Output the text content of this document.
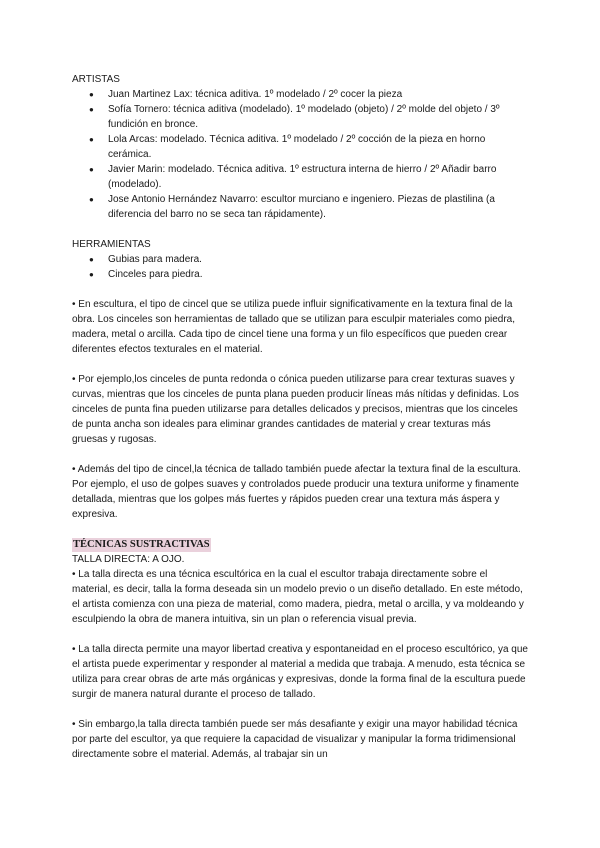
ARTISTAS

● Juan Martinez Lax: técnica aditiva. 1º modelado / 2º cocer la pieza
● Sofía Tornero: técnica aditiva (modelado). 1º modelado (objeto) / 2º molde del objeto / 3º fundición en bronce.
● Lola Arcas: modelado. Técnica aditiva. 1º modelado / 2º cocción de la pieza en horno cerámica.
● Javier Marin: modelado. Técnica aditiva. 1º estructura interna de hierro / 2º Añadir barro (modelado).
● Jose Antonio Hernández Navarro: escultor murciano e ingeniero. Piezas de plastilina (a diferencia del barro no se seca tan rápidamente).

HERRAMIENTAS

● Gubias para madera.
● Cinceles para piedra.

• En escultura, el tipo de cincel que se utiliza puede influir significativamente en la textura final de la obra. Los cinceles son herramientas de tallado que se utilizan para esculpir materiales como piedra, madera, metal o arcilla. Cada tipo de cincel tiene una forma y un filo específicos que pueden crear diferentes efectos texturales en el material.

• Por ejemplo,los cinceles de punta redonda o cónica pueden utilizarse para crear texturas suaves y curvas, mientras que los cinceles de punta plana pueden producir líneas más nítidas y definidas. Los cinceles de punta fina pueden utilizarse para detalles delicados y precisos, mientras que los cinceles de punta ancha son ideales para eliminar grandes cantidades de material y crear texturas más gruesas y rugosas.

• Además del tipo de cincel,la técnica de tallado también puede afectar la textura final de la escultura. Por ejemplo, el uso de golpes suaves y controlados puede producir una textura uniforme y finamente detallada, mientras que los golpes más fuertes y rápidos pueden crear una textura más áspera y expresiva.

TÉCNICAS SUSTRACTIVAS

TALLA DIRECTA: A OJO.

• La talla directa es una técnica escultórica en la cual el escultor trabaja directamente sobre el material, es decir, talla la forma deseada sin un modelo previo o un diseño detallado. En este método, el artista comienza con una pieza de material, como madera, piedra, metal o arcilla, y va moldeando y esculpiendo la obra de manera intuitiva, sin un plan o referencia visual previa.

• La talla directa permite una mayor libertad creativa y espontaneidad en el proceso escultórico, ya que el artista puede experimentar y responder al material a medida que trabaja. A menudo, esta técnica se utiliza para crear obras de arte más orgánicas y expresivas, donde la forma final de la escultura puede surgir de manera natural durante el proceso de tallado.

• Sin embargo,la talla directa también puede ser más desafiante y exigir una mayor habilidad técnica por parte del escultor, ya que requiere la capacidad de visualizar y manipular la forma tridimensional directamente sobre el material. Además, al trabajar sin un
